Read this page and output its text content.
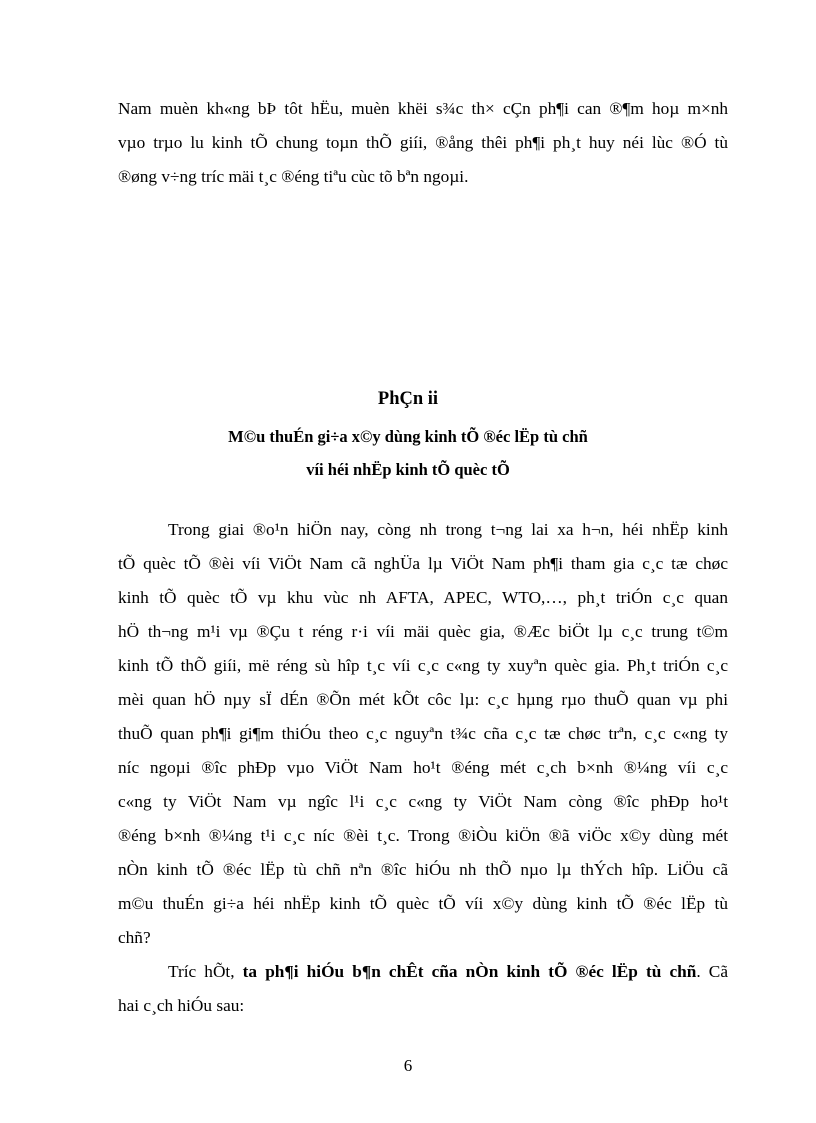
Nam muèn kh«ng bÞ tôt hËu, muèn khëi s¾c th× cÇn ph¶i can ®¶m hoµ m×nh
vµo trµo lu kinh tÕ chung toµn thÕ giíi, ®ång thêi ph¶i ph¸t huy néi lùc ®Ó tù
®øng v÷ng tríc mäi t¸c ®éng tiªu cùc tõ bªn ngoµi.
PhÇn ii
M©u thuÉn gi÷a x©y dùng kinh tÕ ®éc lËp tù chñ
víi héi nhËp kinh tÕ quèc tÕ
Trong giai ®o¹n hiÖn nay, còng nh trong t¬ng lai xa h¬n, héi nhËp kinh
tÕ quèc tÕ ®èi víi ViÖt Nam cã nghÜa lµ ViÖt Nam ph¶i tham gia c¸c tæ chøc
kinh tÕ quèc tÕ vµ khu vùc nh AFTA, APEC, WTO,…, ph¸t triÓn c¸c quan
hÖ th¬ng m¹i vµ ®Çu t réng r·i víi mäi quèc gia, ®Æc biÖt lµ c¸c trung t©m
kinh tÕ thÕ giíi, më réng sù hîp t¸c víi c¸c c«ng ty xuyªn quèc gia. Ph¸t triÓn c¸c
mèi quan hÖ nµy sÏ dÉn ®Õn mét kÕt côc lµ: c¸c hµng rµo thuÕ quan vµ phi
thuÕ quan ph¶i gi¶m thiÓu theo c¸c nguyªn t¾c cña c¸c tæ chøc trªn, c¸c c«ng ty
níc ngoµi ®îc phÐp vµo ViÖt Nam ho¹t ®éng mét c¸ch b×nh ®¼ng víi c¸c
c«ng ty ViÖt Nam vµ ngîc l¹i c¸c c«ng ty ViÖt Nam còng ®îc phÐp ho¹t
®éng b×nh ®¼ng t¹i c¸c níc ®èi t¸c. Trong ®iÒu kiÖn ®ã viÖc x©y dùng mét
nÒn kinh tÕ ®éc lËp tù chñ nªn ®îc hiÓu nh thÕ nµo lµ thÝch hîp. LiÖu cã
m©u thuÉn gi÷a héi nhËp kinh tÕ quèc tÕ víi x©y dùng kinh tÕ ®éc lËp tù
chñ?
Tríc hÕt, ta ph¶i hiÓu b¶n chÊt cña nÒn kinh tÕ ®éc lËp tù chñ. Cã
hai c¸ch hiÓu sau:
6
